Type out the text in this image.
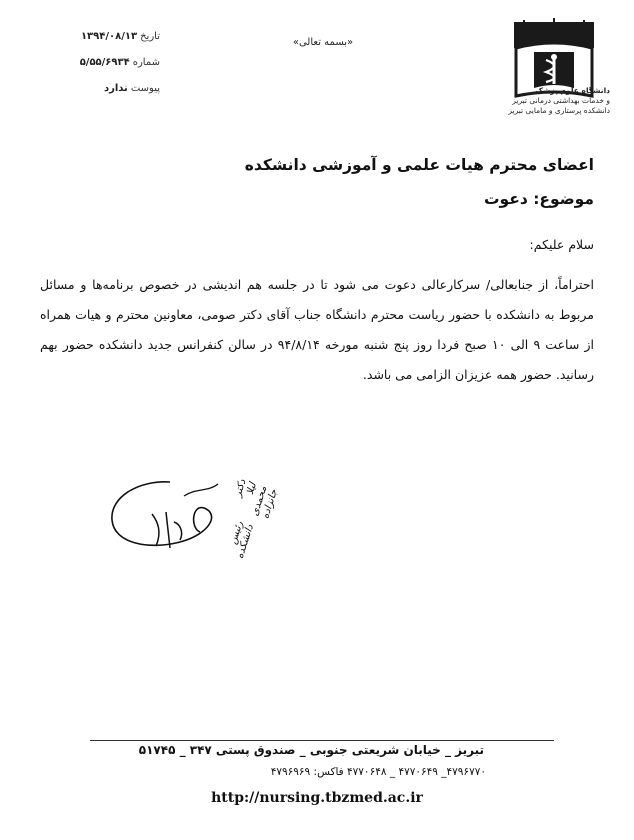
تاریخ
۱۳۹۴/۰۸/۱۳
شماره
۵/۵۵/۶۹۳۴
پیوست
ندارد
«بسمه تعالی»
دانشگاه علوم پزشکی
و خدمات بهداشتی درمانی تبریز
دانشکده پرستاری و مامایی تبریز
اعضای محترم هیات علمی و آموزشی دانشکده
موضوع: دعوت
سلام علیکم:
احتراماً، از جنابعالی/ سرکارعالی دعوت می شود تا در جلسه هم اندیشی در خصوص برنامه‌ها و مسائل مربوط به دانشکده با حضور ریاست محترم دانشگاه جناب آقای دکتر صومی، معاونین محترم و هیات همراه از ساعت ۹ الی ۱۰ صبح فردا روز پنج شنبه مورخه ۹۴/۸/۱۴ در سالن کنفرانس جدید دانشکده حضور بهم رسانید. حضور همه عزیزان الزامی می باشد.
دکتر لیلا محمدی جانزاده
رئیس دانشکده
تبریز _ خیابان شریعتی جنوبی _ صندوق پستی ۳۴۷ _ ۵۱۷۴۵
۴۷۹۶۷۷۰_ ۴۷۷۰۶۴۹ _ ۴۷۷۰۶۴۸ فاکس: ۴۷۹۶۹۶۹
http://nursing.tbzmed.ac.ir
